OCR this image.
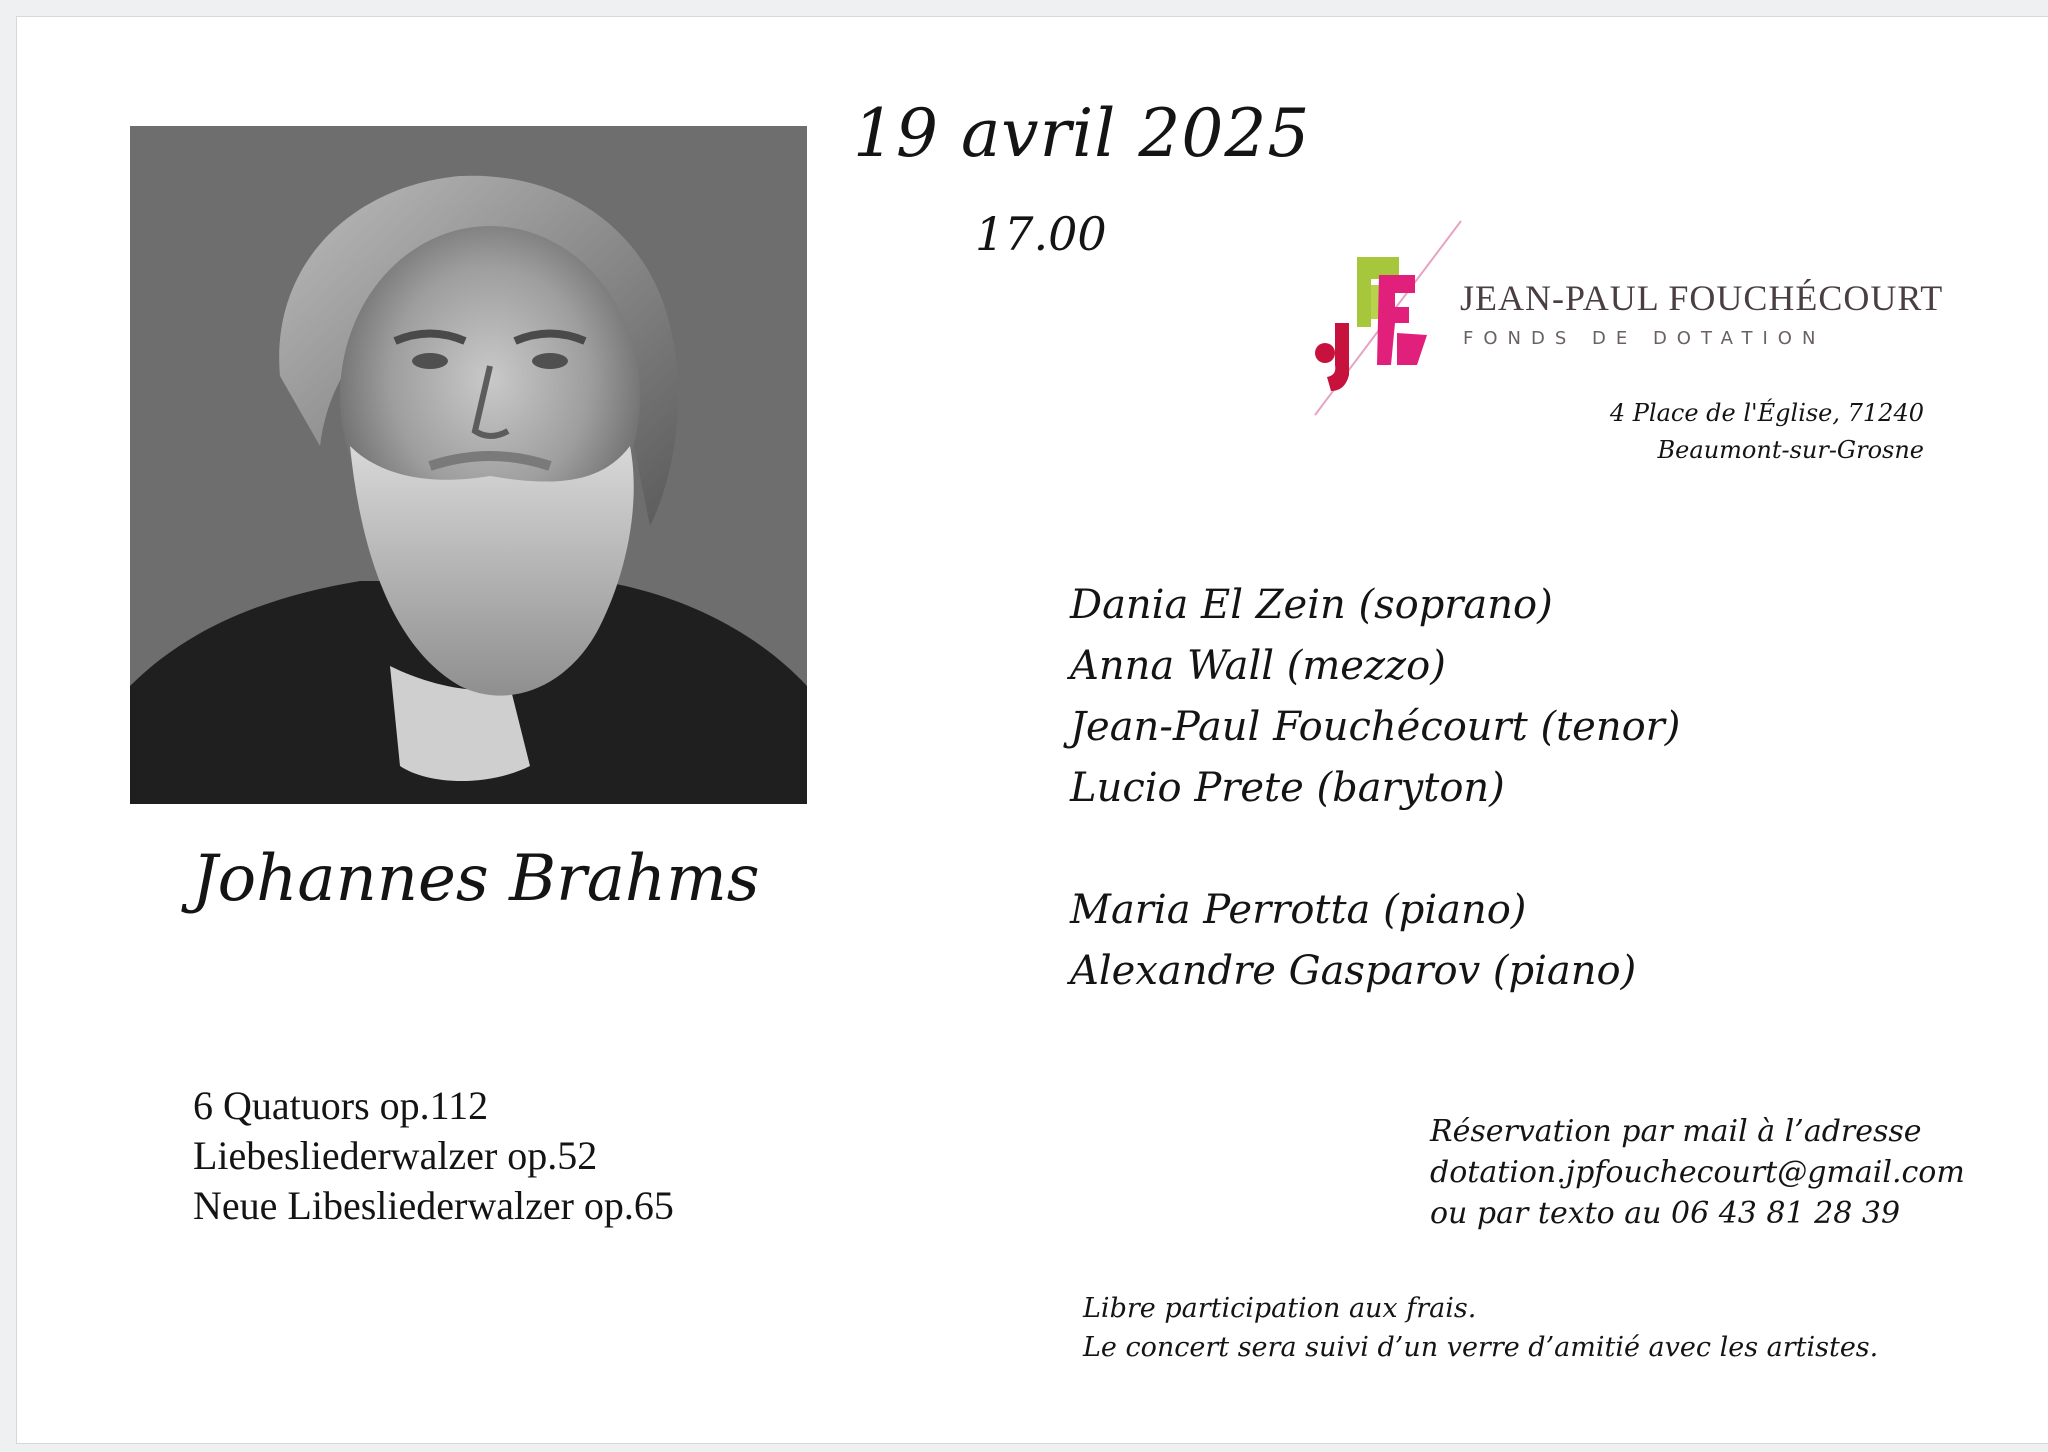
19 avril 2025
17.00
Johannes Brahms
JEAN-PAUL FOUCHÉCOURT
FONDS DE DOTATION
4 Place de l'Église, 71240
Beaumont-sur-Grosne
Dania El Zein (soprano)
Anna Wall (mezzo)
Jean-Paul Fouchécourt (tenor)
Lucio Prete (baryton)
Maria Perrotta (piano)
Alexandre Gasparov (piano)
6 Quatuors op.112
Liebesliederwalzer op.52
Neue Libesliederwalzer op.65
Réservation par mail à l’adresse
dotation.jpfouchecourt@gmail.com
ou par texto au 06 43 81 28 39
Libre participation aux frais.
Le concert sera suivi d’un verre d’amitié avec les artistes.
